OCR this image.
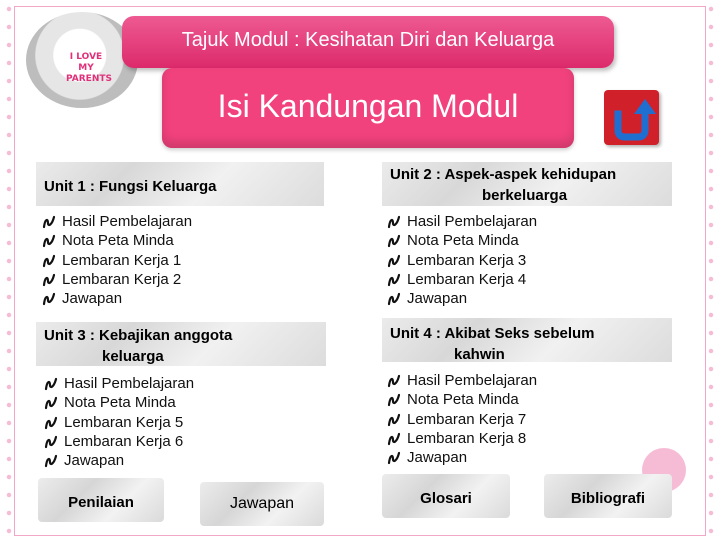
I LOVE
MY
PARENTS
Tajuk Modul : Kesihatan Diri dan Keluarga
Isi Kandungan Modul
Unit 1 : Fungsi Keluarga
Hasil Pembelajaran
Nota Peta Minda
Lembaran Kerja 1
Lembaran Kerja 2
Jawapan
Unit 2 : Aspek-aspek kehidupan
berkeluarga
Hasil Pembelajaran
Nota Peta Minda
Lembaran Kerja 3
Lembaran Kerja 4
Jawapan
Unit 3 : Kebajikan anggota
keluarga
Hasil Pembelajaran
Nota Peta Minda
Lembaran Kerja 5
Lembaran Kerja 6
Jawapan
Unit 4 : Akibat Seks sebelum
kahwin
Hasil Pembelajaran
Nota Peta Minda
Lembaran Kerja 7
Lembaran Kerja 8
Jawapan
Penilaian	Jawapan	Glosari	Bibliografi
